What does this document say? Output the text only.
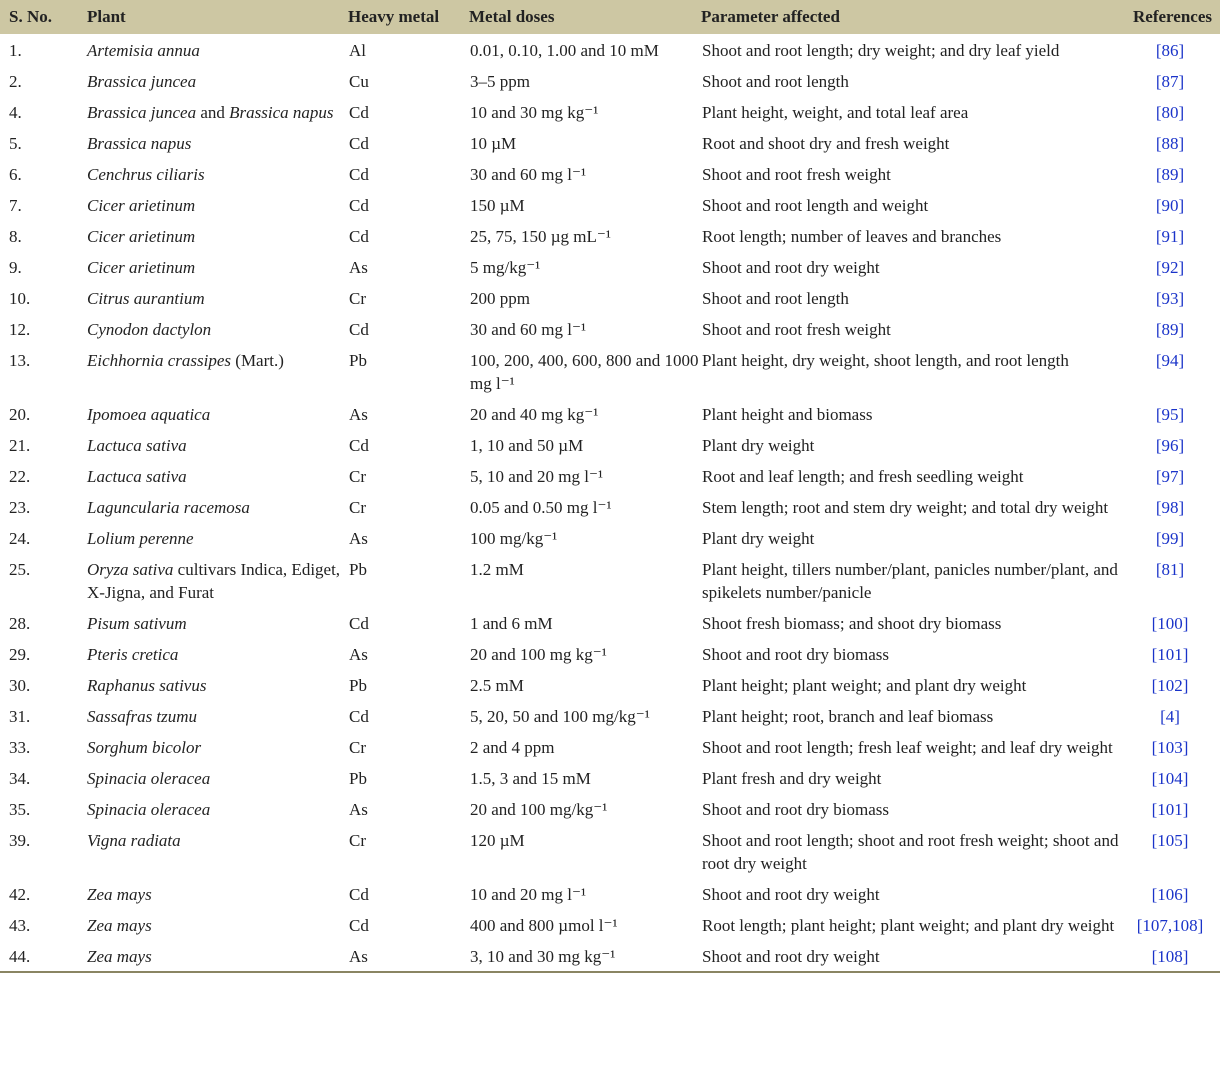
S. No.	Plant	Heavy metal	Metal doses	Parameter affected	References
1.	Artemisia annua	Al	0.01, 0.10, 1.00 and 10 mM	Shoot and root length; dry weight; and dry leaf yield	[86]
2.	Brassica juncea	Cu	3–5 ppm	Shoot and root length	[87]
4.	Brassica juncea and Brassica napus	Cd	10 and 30 mg kg⁻¹	Plant height, weight, and total leaf area	[80]
5.	Brassica napus	Cd	10 µM	Root and shoot dry and fresh weight	[88]
6.	Cenchrus ciliaris	Cd	30 and 60 mg l⁻¹	Shoot and root fresh weight	[89]
7.	Cicer arietinum	Cd	150 µM	Shoot and root length and weight	[90]
8.	Cicer arietinum	Cd	25, 75, 150 µg mL⁻¹	Root length; number of leaves and branches	[91]
9.	Cicer arietinum	As	5 mg/kg⁻¹	Shoot and root dry weight	[92]
10.	Citrus aurantium	Cr	200 ppm	Shoot and root length	[93]
12.	Cynodon dactylon	Cd	30 and 60 mg l⁻¹	Shoot and root fresh weight	[89]
13.	Eichhornia crassipes (Mart.)	Pb	100, 200, 400, 600, 800 and 1000 mg l⁻¹	Plant height, dry weight, shoot length, and root length	[94]
20.	Ipomoea aquatica	As	20 and 40 mg kg⁻¹	Plant height and biomass	[95]
21.	Lactuca sativa	Cd	1, 10 and 50 µM	Plant dry weight	[96]
22.	Lactuca sativa	Cr	5, 10 and 20 mg l⁻¹	Root and leaf length; and fresh seedling weight	[97]
23.	Laguncularia racemosa	Cr	0.05 and 0.50 mg l⁻¹	Stem length; root and stem dry weight; and total dry weight	[98]
24.	Lolium perenne	As	100 mg/kg⁻¹	Plant dry weight	[99]
25.	Oryza sativa cultivars Indica, Ediget, X-Jigna, and Furat	Pb	1.2 mM	Plant height, tillers number/plant, panicles number/plant, and spikelets number/panicle	[81]
28.	Pisum sativum	Cd	1 and 6 mM	Shoot fresh biomass; and shoot dry biomass	[100]
29.	Pteris cretica	As	20 and 100 mg kg⁻¹	Shoot and root dry biomass	[101]
30.	Raphanus sativus	Pb	2.5 mM	Plant height; plant weight; and plant dry weight	[102]
31.	Sassafras tzumu	Cd	5, 20, 50 and 100 mg/kg⁻¹	Plant height; root, branch and leaf biomass	[4]
33.	Sorghum bicolor	Cr	2 and 4 ppm	Shoot and root length; fresh leaf weight; and leaf dry weight	[103]
34.	Spinacia oleracea	Pb	1.5, 3 and 15 mM	Plant fresh and dry weight	[104]
35.	Spinacia oleracea	As	20 and 100 mg/kg⁻¹	Shoot and root dry biomass	[101]
39.	Vigna radiata	Cr	120 µM	Shoot and root length; shoot and root fresh weight; shoot and root dry weight	[105]
42.	Zea mays	Cd	10 and 20 mg l⁻¹	Shoot and root dry weight	[106]
43.	Zea mays	Cd	400 and 800 µmol l⁻¹	Root length; plant height; plant weight; and plant dry weight	[107,108]
44.	Zea mays	As	3, 10 and 30 mg kg⁻¹	Shoot and root dry weight	[108]
